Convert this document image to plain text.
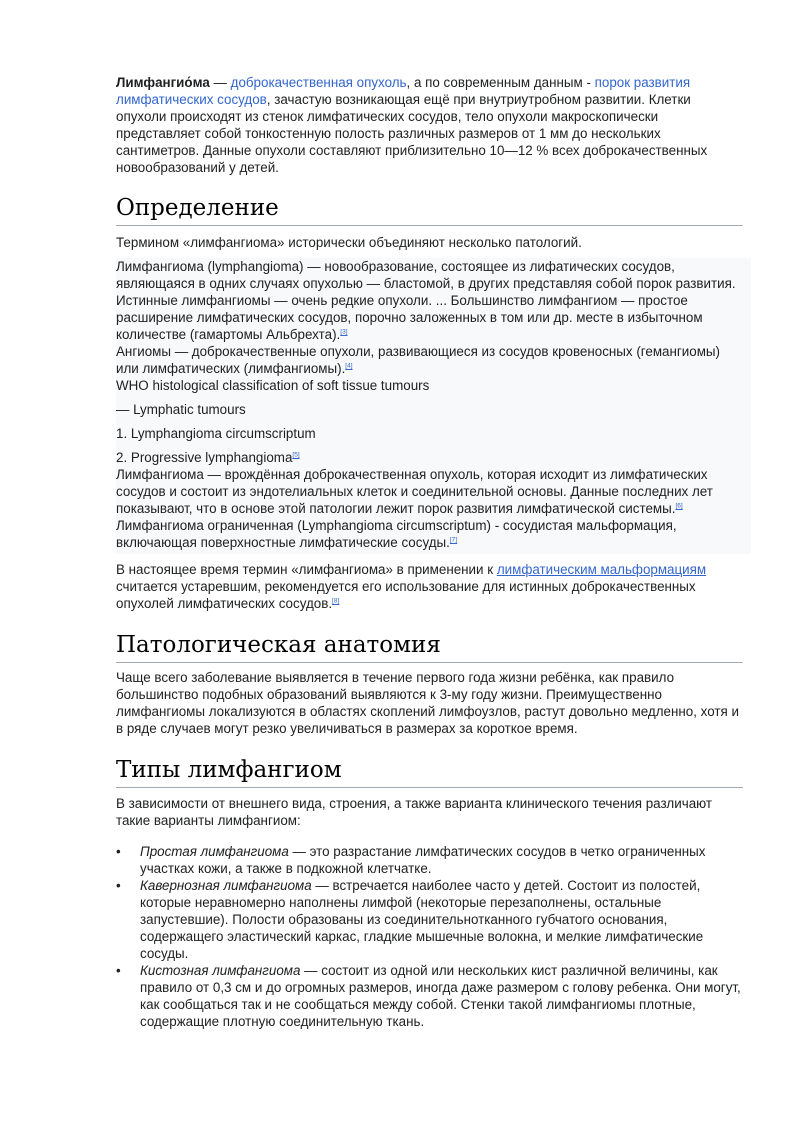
Лимфангио́ма — доброкачественная опухоль, а по современным данным - порок развития лимфатических сосудов, зачастую возникающая ещё при внутриутробном развитии. Клетки опухоли происходят из стенок лимфатических сосудов, тело опухоли макроскопически представляет собой тонкостенную полость различных размеров от 1 мм до нескольких сантиметров. Данные опухоли составляют приблизительно 10—12 % всех доброкачественных новообразований у детей.

Определение

Термином «лимфангиома» исторически объединяют несколько патологий.

Лимфангиома (lymphangioma) — новообразование, состоящее из лифатических сосудов, являющаяся в одних случаях опухолью — бластомой, в других представляя собой порок развития. Истинные лимфангиомы — очень редкие опухоли. ... Большинство лимфангиом — простое расширение лимфатических сосудов, порочно заложенных в том или др. месте в избыточном количестве (гамартомы Альбрехта).[3]

Ангиомы — доброкачественные опухоли, развивающиеся из сосудов кровеносных (гемангиомы) или лимфатических (лимфангиомы).[4]

WHO histological classification of soft tissue tumours

— Lymphatic tumours

1. Lymphangioma circumscriptum

2. Progressive lymphangioma[5]

Лимфангиома — врождённая доброкачественная опухоль, которая исходит из лимфатических сосудов и состоит из эндотелиальных клеток и соединительной основы. Данные последних лет показывают, что в основе этой патологии лежит порок развития лимфатической системы.[6]

Лимфангиома ограниченная (Lymphangioma circumscriptum) - сосудистая мальформация, включающая поверхностные лимфатические сосуды.[7]

В настоящее время термин «лимфангиома» в применении к лимфатическим мальформациям считается устаревшим, рекомендуется его использование для истинных доброкачественных опухолей лимфатических сосудов.[8]

Патологическая анатомия

Чаще всего заболевание выявляется в течение первого года жизни ребёнка, как правило большинство подобных образований выявляются к 3-му году жизни. Преимущественно лимфангиомы локализуются в областях скоплений лимфоузлов, растут довольно медленно, хотя и в ряде случаев могут резко увеличиваться в размерах за короткое время.

Типы лимфангиом

В зависимости от внешнего вида, строения, а также варианта клинического течения различают такие варианты лимфангиом:

• Простая лимфангиома — это разрастание лимфатических сосудов в четко ограниченных участках кожи, а также в подкожной клетчатке.
• Кавернозная лимфангиома — встречается наиболее часто у детей. Состоит из полостей, которые неравномерно наполнены лимфой (некоторые перезаполнены, остальные запустевшие). Полости образованы из соединительнотканного губчатого основания, содержащего эластический каркас, гладкие мышечные волокна, и мелкие лимфатические сосуды.
• Кистозная лимфангиома — состоит из одной или нескольких кист различной величины, как правило от 0,3 см и до огромных размеров, иногда даже размером с голову ребенка. Они могут, как сообщаться так и не сообщаться между собой. Стенки такой лимфангиомы плотные, содержащие плотную соединительную ткань.
